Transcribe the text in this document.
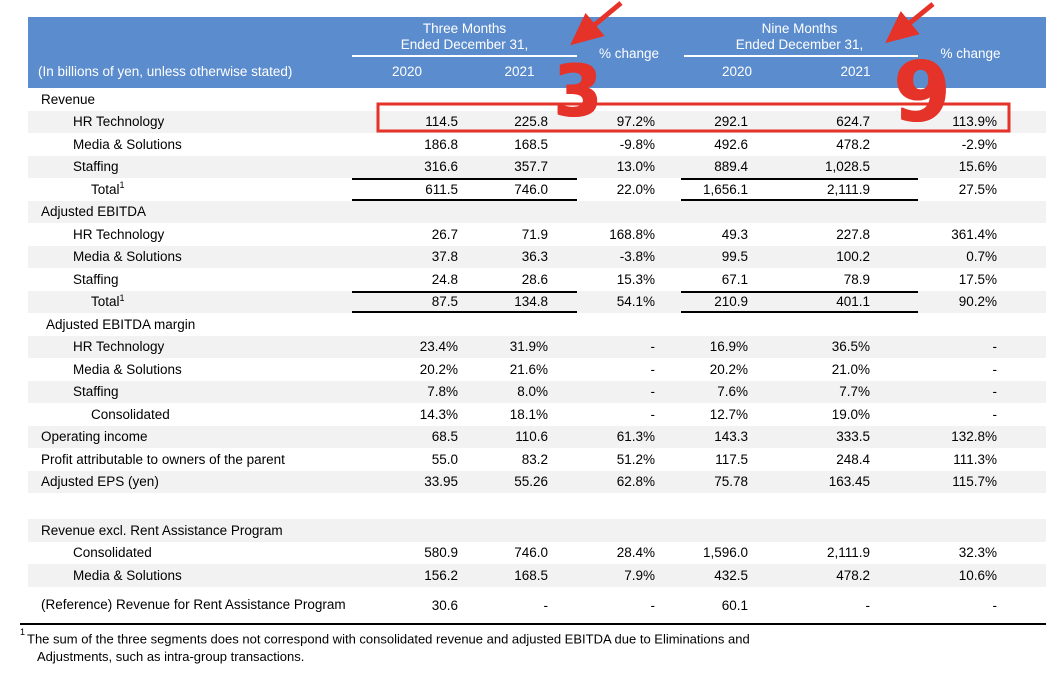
Three Months
Ended December 31,
2020	2021
% change
Nine Months
Ended December 31,
2020	2021
% change
(In billions of yen, unless otherwise stated)
Revenue
HR Technology	114.5	225.8	97.2%	292.1	624.7	113.9%
Media & Solutions	186.8	168.5	-9.8%	492.6	478.2	-2.9%
Staffing	316.6	357.7	13.0%	889.4	1,028.5	15.6%
Total$^1$	611.5	746.0	22.0%	1,656.1	2,111.9	27.5%
Adjusted EBITDA
HR Technology	26.7	71.9	168.8%	49.3	227.8	361.4%
Media & Solutions	37.8	36.3	-3.8%	99.5	100.2	0.7%
Staffing	24.8	28.6	15.3%	67.1	78.9	17.5%
Total$^1$	87.5	134.8	54.1%	210.9	401.1	90.2%
Adjusted EBITDA margin
HR Technology	23.4%	31.9%	-	16.9%	36.5%	-
Media & Solutions	20.2%	21.6%	-	20.2%	21.0%	-
Staffing	7.8%	8.0%	-	7.6%	7.7%	-
Consolidated	14.3%	18.1%	-	12.7%	19.0%	-
Operating income	68.5	110.6	61.3%	143.3	333.5	132.8%
Profit attributable to owners of the parent	55.0	83.2	51.2%	117.5	248.4	111.3%
Adjusted EPS (yen)	33.95	55.26	62.8%	75.78	163.45	115.7%
Revenue excl. Rent Assistance Program
Consolidated	580.9	746.0	28.4%	1,596.0	2,111.9	32.3%
Media & Solutions	156.2	168.5	7.9%	432.5	478.2	10.6%
(Reference) Revenue for Rent Assistance Program	30.6	-	-	60.1	-	-
$^1$ The sum of the three segments does not correspond with consolidated revenue and adjusted EBITDA due to Eliminations and
Adjustments, such as intra-group transactions.
3	9
